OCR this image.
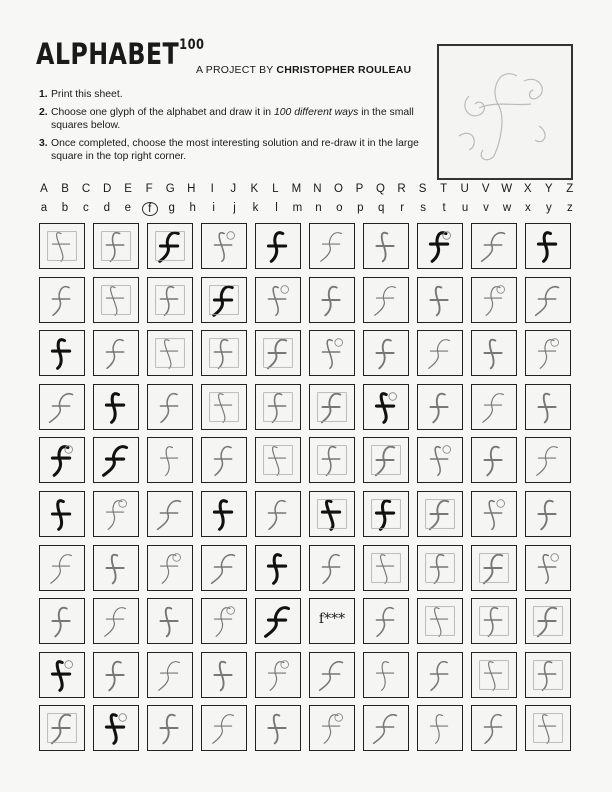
ALPHABET$^{100}$
A PROJECT BY CHRISTOPHER ROULEAU
1. Print this sheet.
2. Choose one glyph of the alphabet and draw it in 100 different ways in the small squares below.
3. Once completed, choose the most interesting solution and re-draw it in the large square in the top right corner.
A B C D E	F	G H	I	J	K	L	M N O P Q R S	T	U V W X Y	Z
a	b	c	d	e	f	g	h	i	j	k	l	m	n	o	p	q	r	s	t	u	v	w	x	y	z
f***
